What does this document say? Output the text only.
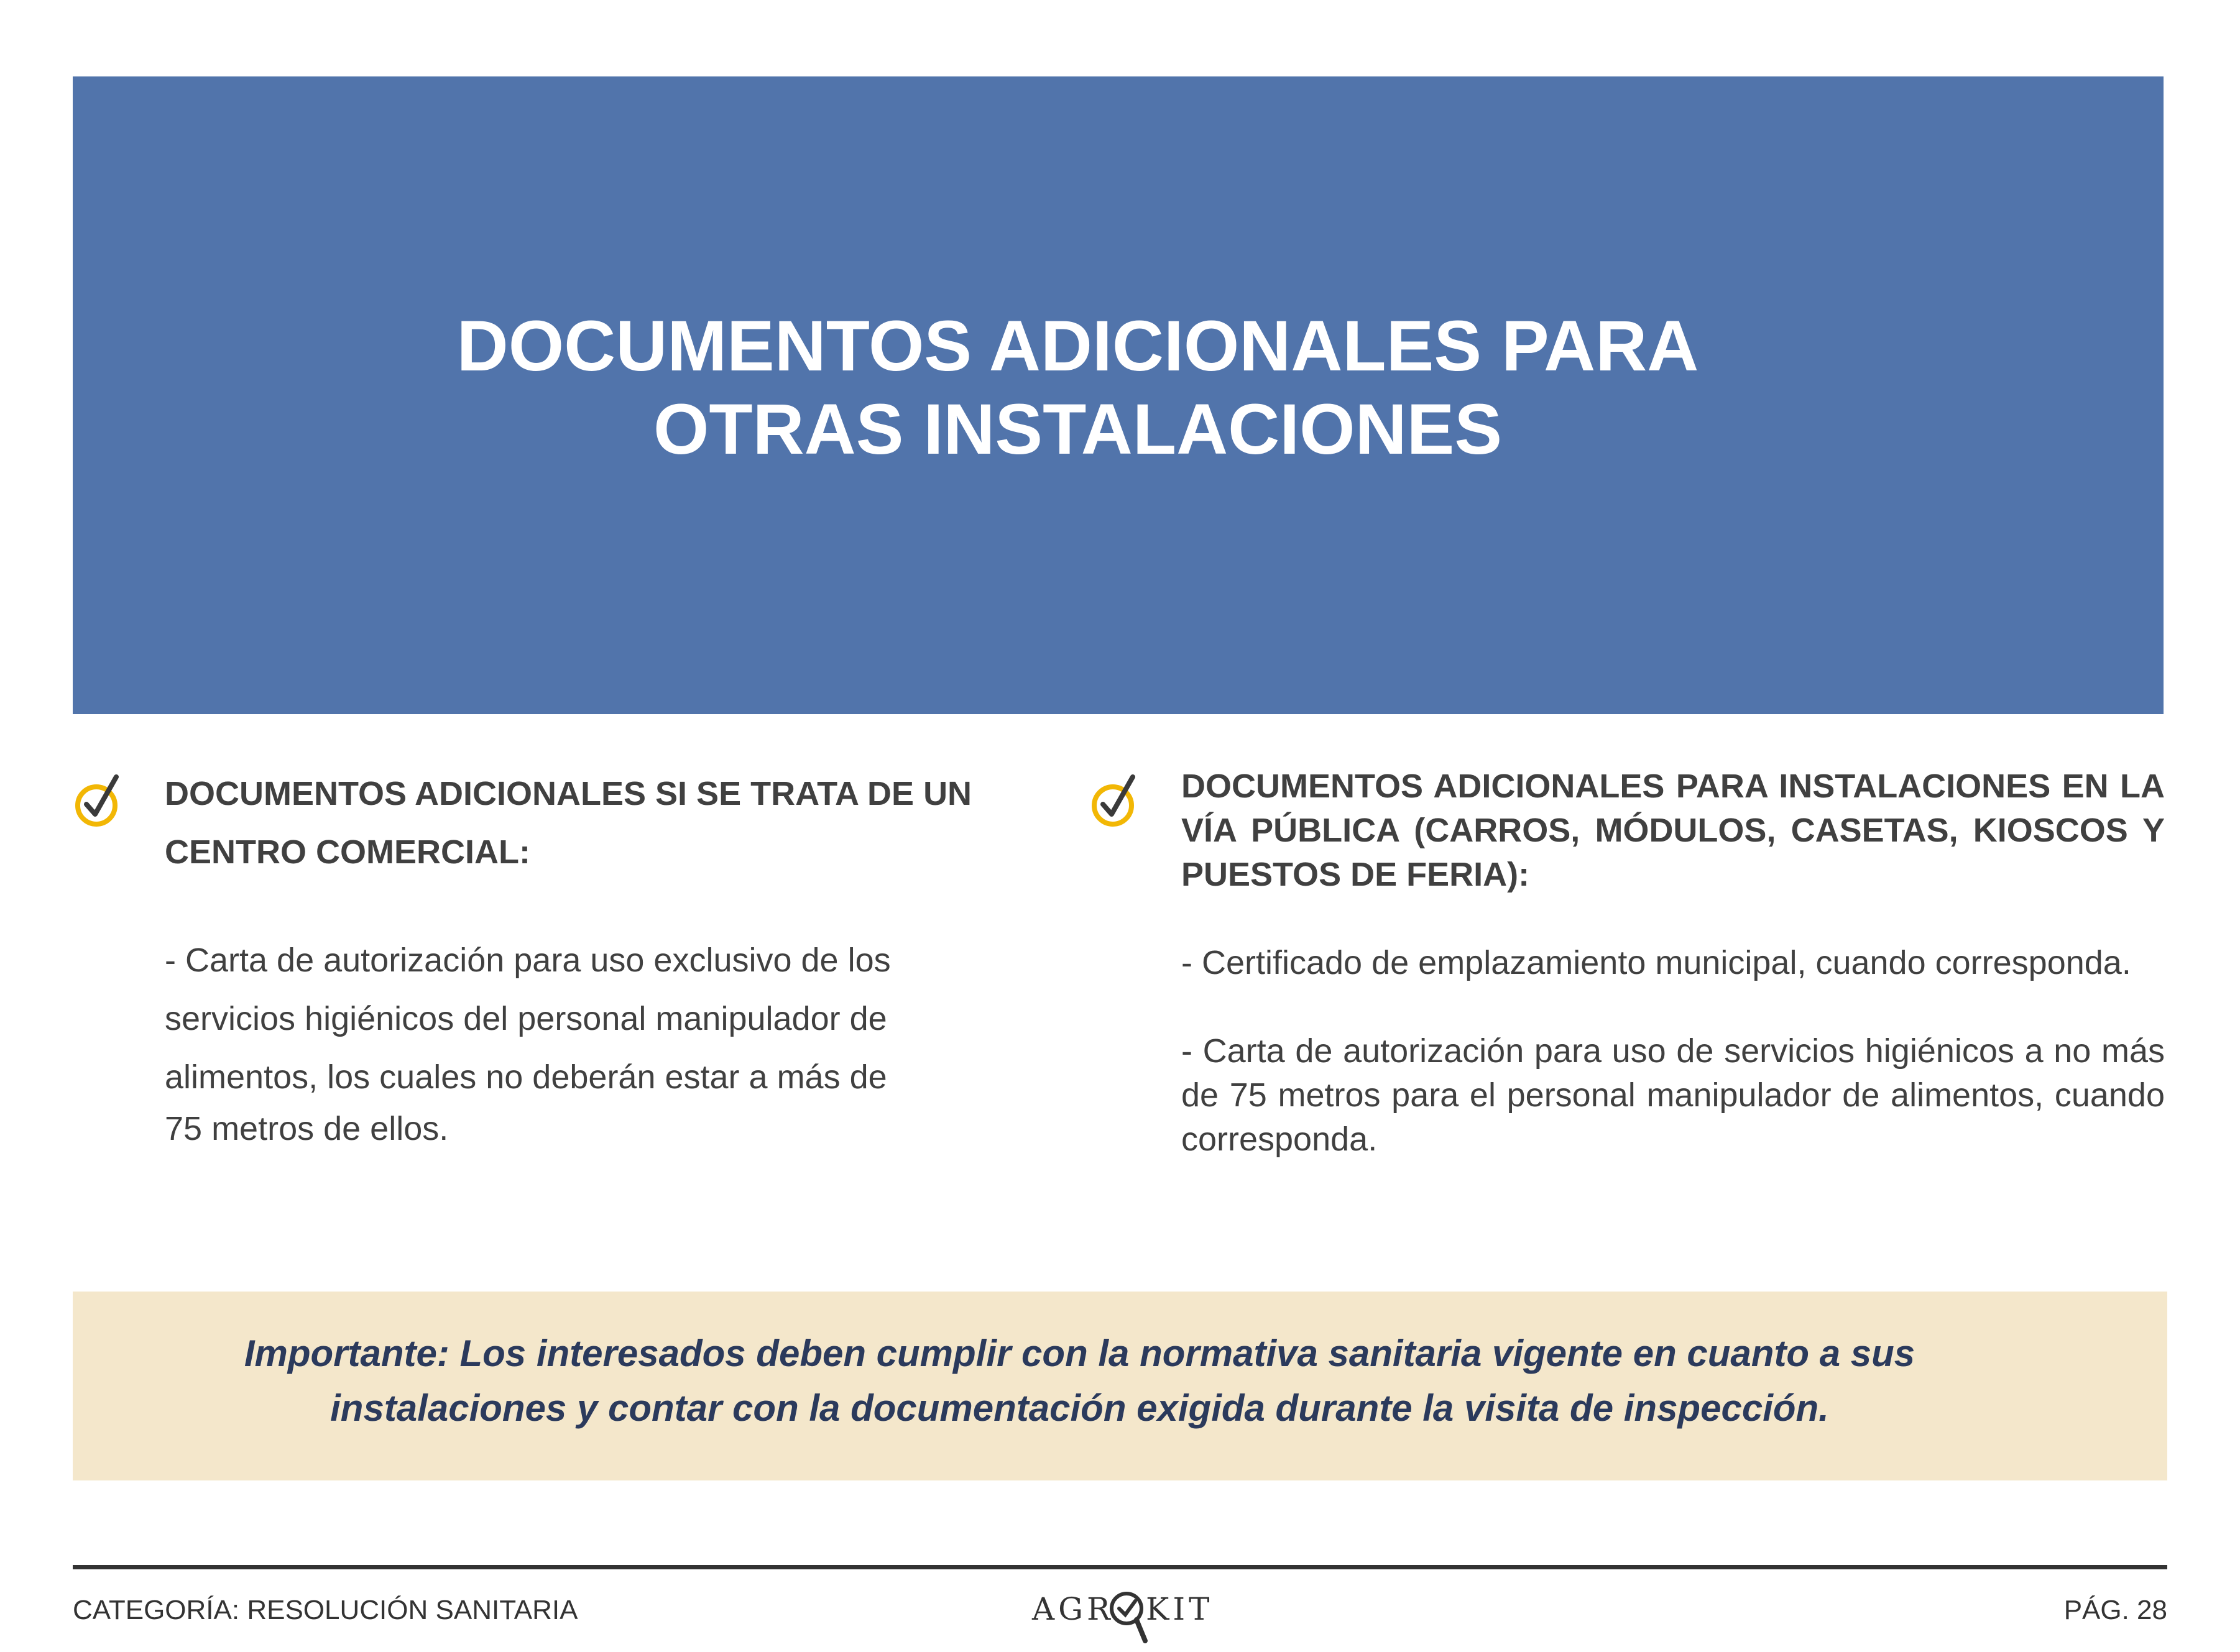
DOCUMENTOS ADICIONALES PARA
OTRAS INSTALACIONES
DOCUMENTOS ADICIONALES SI SE TRATA DE UN
CENTRO COMERCIAL:
- Carta de autorización para uso exclusivo de los servicios higiénicos del personal manipulador de alimentos, los cuales no deberán estar a más de
75 metros de ellos.
DOCUMENTOS ADICIONALES PARA INSTALACIONES EN LA VÍA PÚBLICA (CARROS, MÓDULOS, CASETAS, KIOSCOS Y PUESTOS DE FERIA):

- Certificado de emplazamiento municipal, cuando corresponda.

- Carta de autorización para uso de servicios higiénicos a no más de 75 metros para el personal manipulador de alimentos, cuando corresponda.

Importante: Los interesados deben cumplir con la normativa sanitaria vigente en cuanto a sus
instalaciones y contar con la documentación exigida durante la visita de inspección.

CATEGORÍA: RESOLUCIÓN SANITARIA	AGR KIT	PÁG. 28
